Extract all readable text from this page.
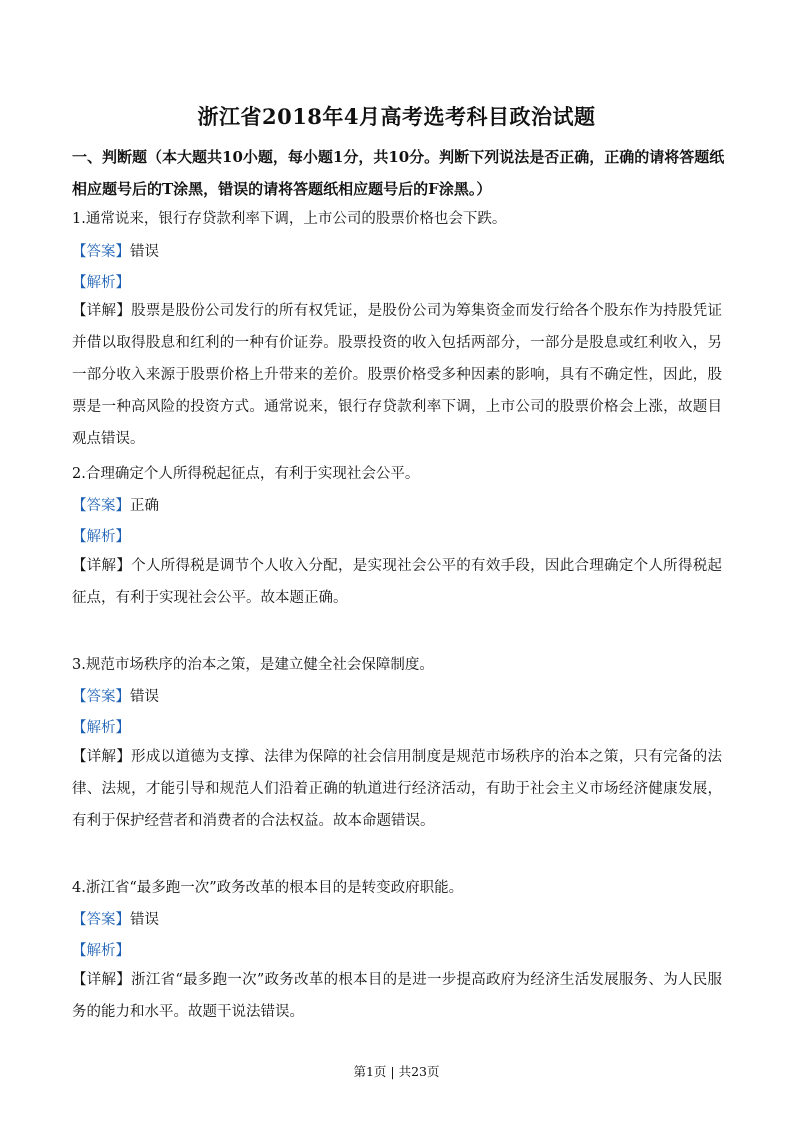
浙江省2018年4月高考选考科目政治试题
一、判断题（本大题共10小题，每小题1分，共10分。判断下列说法是否正确，正确的请将答题纸相应题号后的T涂黑，错误的请将答题纸相应题号后的F涂黑。）
1.通常说来，银行存贷款利率下调，上市公司的股票价格也会下跌。
【答案】错误
【解析】
【详解】股票是股份公司发行的所有权凭证，是股份公司为筹集资金而发行给各个股东作为持股凭证并借以取得股息和红利的一种有价证券。股票投资的收入包括两部分，一部分是股息或红利收入，另一部分收入来源于股票价格上升带来的差价。股票价格受多种因素的影响，具有不确定性，因此，股票是一种高风险的投资方式。通常说来，银行存贷款利率下调，上市公司的股票价格会上涨，故题目观点错误。
2.合理确定个人所得税起征点，有利于实现社会公平。
【答案】正确
【解析】
【详解】个人所得税是调节个人收入分配，是实现社会公平的有效手段，因此合理确定个人所得税起征点，有利于实现社会公平。故本题正确。
3.规范市场秩序的治本之策，是建立健全社会保障制度。
【答案】错误
【解析】
【详解】形成以道德为支撑、法律为保障的社会信用制度是规范市场秩序的治本之策，只有完备的法律、法规，才能引导和规范人们沿着正确的轨道进行经济活动，有助于社会主义市场经济健康发展，有利于保护经营者和消费者的合法权益。故本命题错误。
4.浙江省“最多跑一次”政务改革的根本目的是转变政府职能。
【答案】错误
【解析】
【详解】浙江省“最多跑一次”政务改革的根本目的是进一步提高政府为经济生活发展服务、为人民服务的能力和水平。故题干说法错误。
第1页 | 共23页
